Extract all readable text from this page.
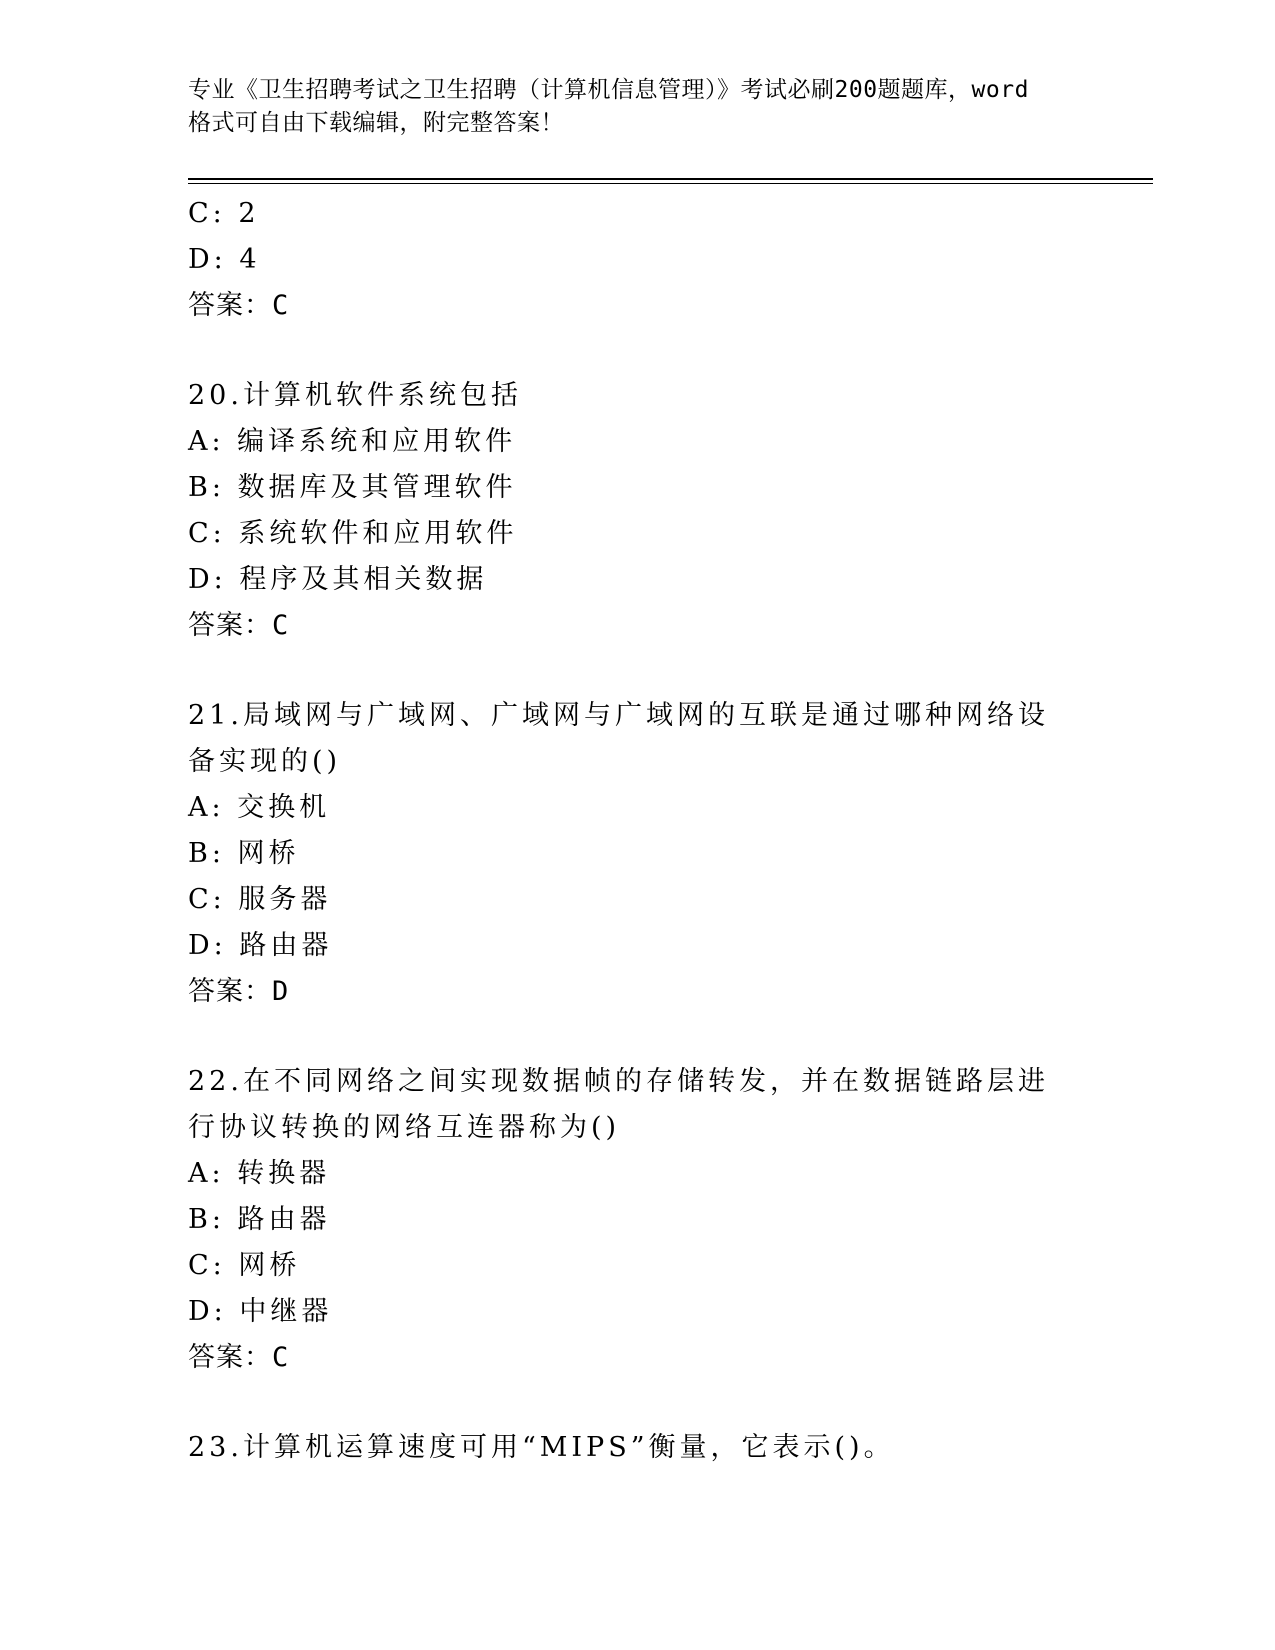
专业《卫生招聘考试之卫生招聘（计算机信息管理）》考试必刷200题题库，word
格式可自由下载编辑，附完整答案！
C: 2
D: 4
答案：C
20.计算机软件系统包括
A: 编译系统和应用软件
B: 数据库及其管理软件
C: 系统软件和应用软件
D: 程序及其相关数据
答案：C
21.局域网与广域网、广域网与广域网的互联是通过哪种网络设备实现的()
A: 交换机
B: 网桥
C: 服务器
D: 路由器
答案：D
22.在不同网络之间实现数据帧的存储转发，并在数据链路层进行协议转换的网络互连器称为()
A: 转换器
B: 路由器
C: 网桥
D: 中继器
答案：C
23.计算机运算速度可用“MIPS”衡量，它表示()。
